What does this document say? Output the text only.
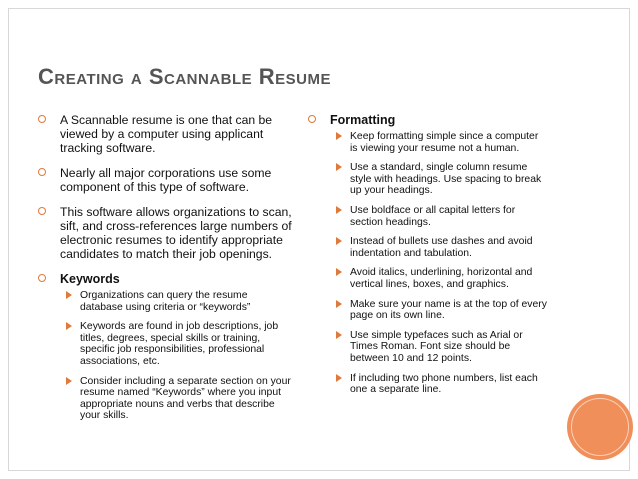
Creating a Scannable Resume
A Scannable resume is one that can be viewed by a computer using applicant tracking software.
Nearly all major corporations use some component of this type of software.
This software allows organizations to scan, sift, and cross-references large numbers of electronic resumes to identify appropriate candidates to match their job openings.
Keywords
Organizations can query the resume database using criteria or “keywords”
Keywords are found in job descriptions, job titles, degrees, special skills or training, specific job responsibilities, professional associations, etc.
Consider including a separate section on your resume named “Keywords” where you input appropriate nouns and verbs that describe your skills.
Formatting
Keep formatting simple since a computer is viewing your resume not a human.
Use a standard, single column resume style with headings. Use spacing to break up your headings.
Use boldface or all capital letters for section headings.
Instead of bullets use dashes and avoid indentation and tabulation.
Avoid italics, underlining, horizontal and vertical lines, boxes, and graphics.
Make sure your name is at the top of every page on its own line.
Use simple typefaces such as Arial or Times Roman. Font size should be between 10 and 12 points.
If including two phone numbers, list each one a separate line.
